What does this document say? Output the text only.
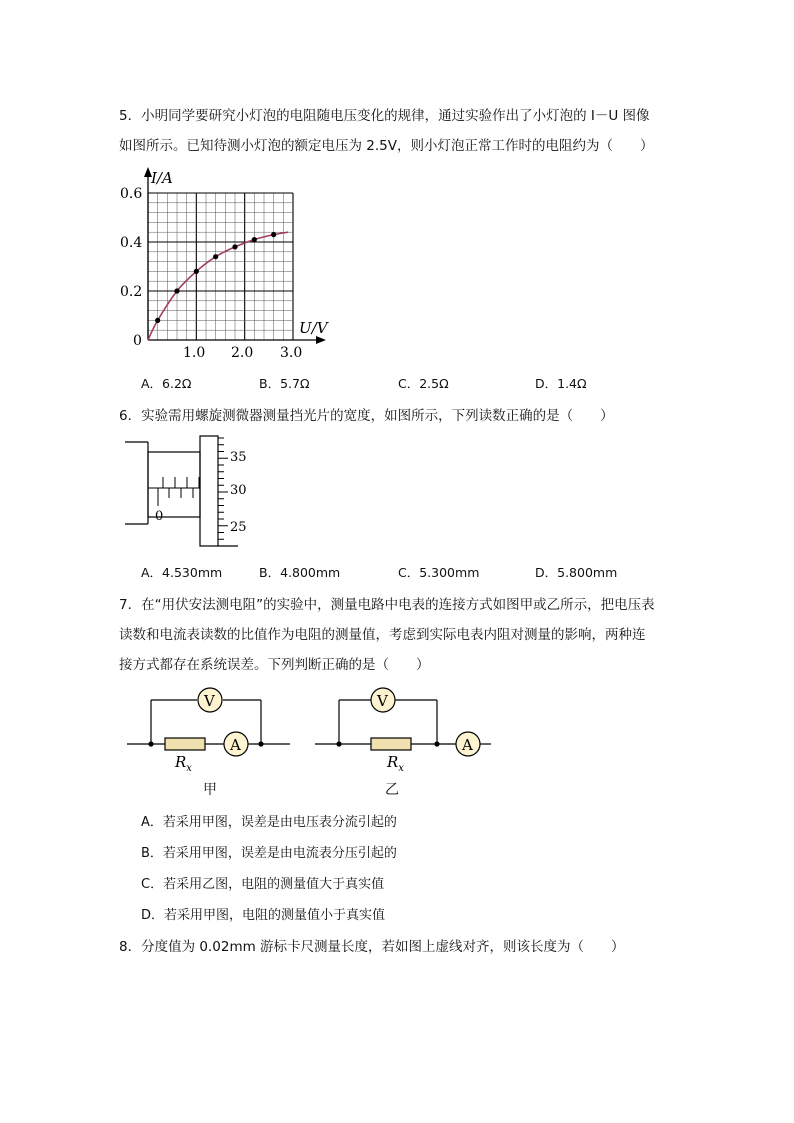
5．小明同学要研究小灯泡的电阻随电压变化的规律，通过实验作出了小灯泡的 I－U 图像
如图所示。已知待测小灯泡的额定电压为 2.5V，则小灯泡正常工作时的电阻约为（　　）
I/A
U/V
0
0.6
0.4
0.2
1.0 2.0 3.0
A．6.2Ω	B．5.7Ω	C．2.5Ω	D．1.4Ω
6．实验需用螺旋测微器测量挡光片的宽度，如图所示，下列读数正确的是（　　）
0
35
30
25
A．4.530mm	B．4.800mm	C．5.300mm	D．5.800mm
7．在“用伏安法测电阻”的实验中，测量电路中电表的连接方式如图甲或乙所示，把电压表
读数和电流表读数的比值作为电阻的测量值，考虑到实际电表内阻对测量的影响，两种连
接方式都存在系统误差。下列判断正确的是（　　）
V
A
$R_x$
甲
V
A
$R_x$
乙
A．若采用甲图，误差是由电压表分流引起的
B．若采用甲图，误差是由电流表分压引起的
C．若采用乙图，电阻的测量值大于真实值
D．若采用甲图，电阻的测量值小于真实值
8．分度值为 0.02mm 游标卡尺测量长度，若如图上虚线对齐，则该长度为（　　）
